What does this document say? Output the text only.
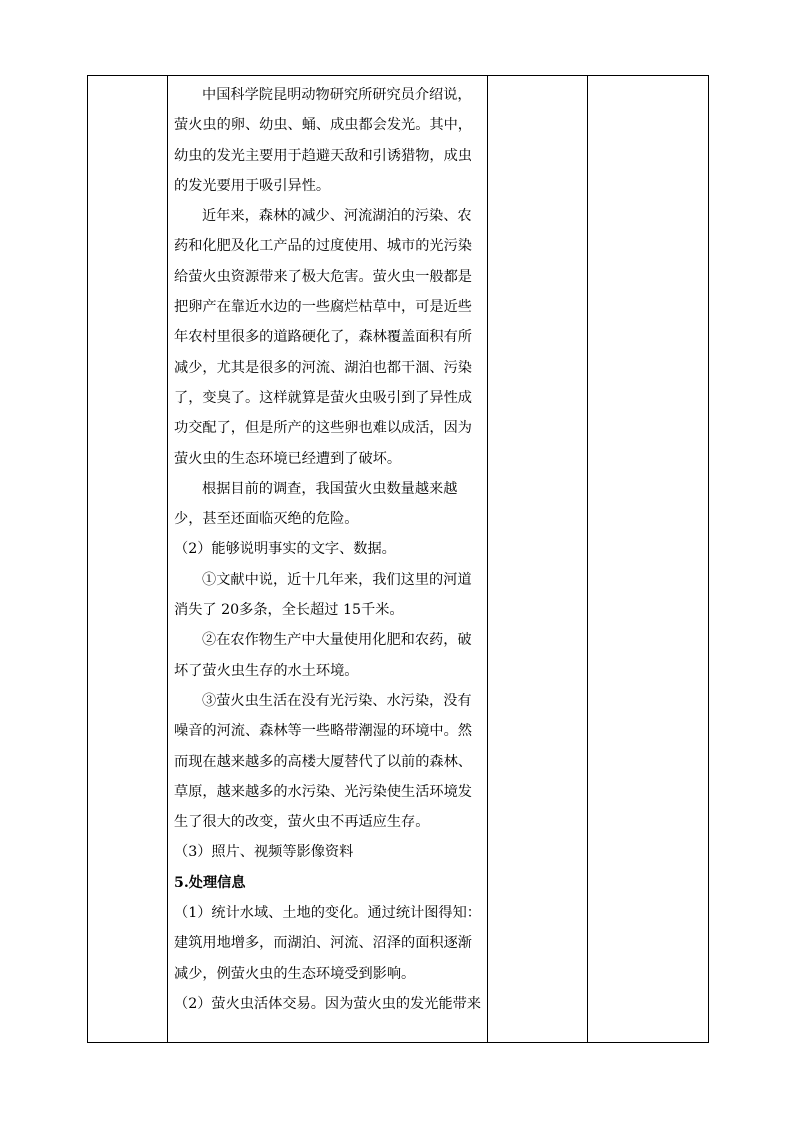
中国科学院昆明动物研究所研究员介绍说，萤火虫的卵、幼虫、蛹、成虫都会发光。其中，幼虫的发光主要用于趋避天敌和引诱猎物，成虫的发光要用于吸引异性。

近年来，森林的减少、河流湖泊的污染、农药和化肥及化工产品的过度使用、城市的光污染给萤火虫资源带来了极大危害。萤火虫一般都是把卵产在靠近水边的一些腐烂枯草中，可是近些年农村里很多的道路硬化了，森林覆盖面积有所减少，尤其是很多的河流、湖泊也都干涸、污染了，变臭了。这样就算是萤火虫吸引到了异性成功交配了，但是所产的这些卵也难以成活，因为萤火虫的生态环境已经遭到了破坏。

根据目前的调查，我国萤火虫数量越来越少，甚至还面临灭绝的危险。

（2）能够说明事实的文字、数据。

①文献中说，近十几年来，我们这里的河道消失了 20多条，全长超过 15千米。

②在农作物生产中大量使用化肥和农药，破坏了萤火虫生存的水土环境。

③萤火虫生活在没有光污染、水污染，没有噪音的河流、森林等一些略带潮湿的环境中。然而现在越来越多的高楼大厦替代了以前的森林、草原，越来越多的水污染、光污染使生活环境发生了很大的改变，萤火虫不再适应生存。

（3）照片、视频等影像资料

5.处理信息

（1）统计水域、土地的变化。通过统计图得知：建筑用地增多，而湖泊、河流、沼泽的面积逐渐减少，例萤火虫的生态环境受到影响。

（2）萤火虫活体交易。因为萤火虫的发光能带来
